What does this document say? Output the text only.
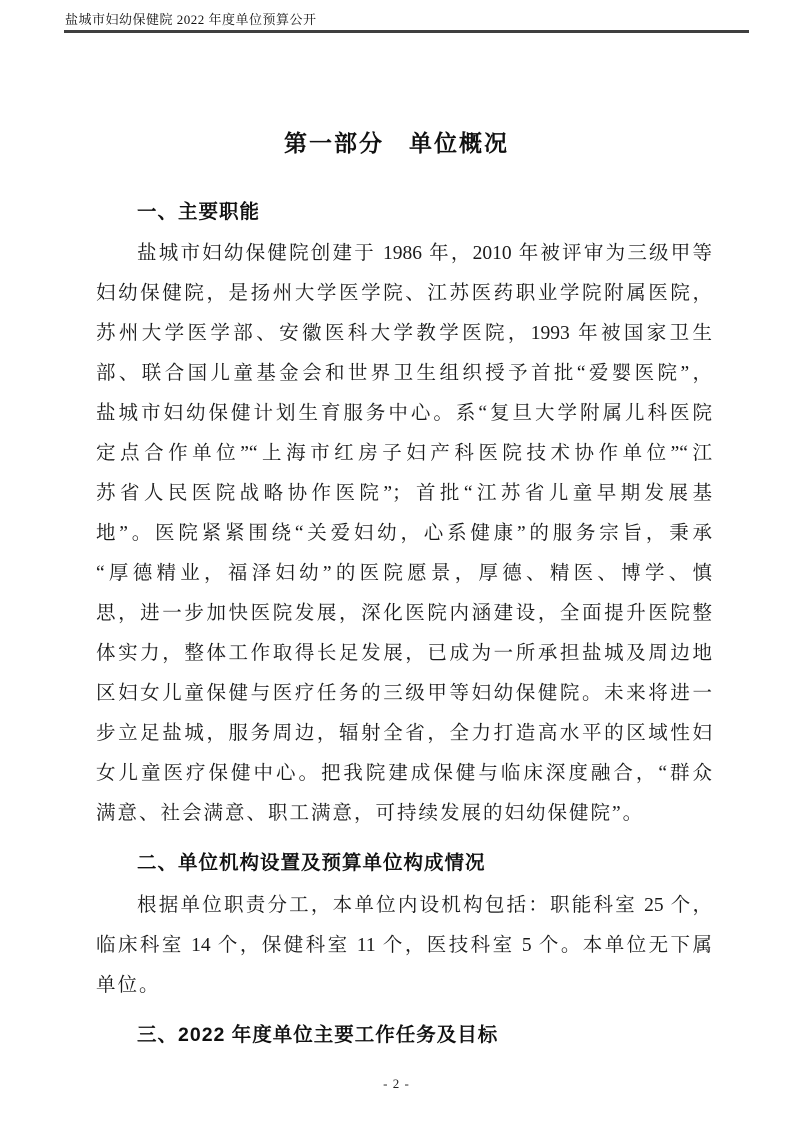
盐城市妇幼保健院 2022 年度单位预算公开
第一部分　单位概况
一、主要职能
盐城市妇幼保健院创建于 1986 年，2010 年被评审为三级甲等
妇幼保健院，是扬州大学医学院、江苏医药职业学院附属医院，
苏州大学医学部、安徽医科大学教学医院，1993 年被国家卫生
部、联合国儿童基金会和世界卫生组织授予首批“爱婴医院”，
盐城市妇幼保健计划生育服务中心。系“复旦大学附属儿科医院
定点合作单位”“上海市红房子妇产科医院技术协作单位”“江
苏省人民医院战略协作医院”；首批“江苏省儿童早期发展基
地”。医院紧紧围绕“关爱妇幼，心系健康”的服务宗旨，秉承
“厚德精业，福泽妇幼”的医院愿景，厚德、精医、博学、慎
思，进一步加快医院发展，深化医院内涵建设，全面提升医院整
体实力，整体工作取得长足发展，已成为一所承担盐城及周边地
区妇女儿童保健与医疗任务的三级甲等妇幼保健院。未来将进一
步立足盐城，服务周边，辐射全省，全力打造高水平的区域性妇
女儿童医疗保健中心。把我院建成保健与临床深度融合，“群众
满意、社会满意、职工满意，可持续发展的妇幼保健院”。
二、单位机构设置及预算单位构成情况
根据单位职责分工，本单位内设机构包括：职能科室 25 个，
临床科室 14 个，保健科室 11 个，医技科室 5 个。本单位无下属
单位。
三、2022 年度单位主要工作任务及目标
- 2 -
